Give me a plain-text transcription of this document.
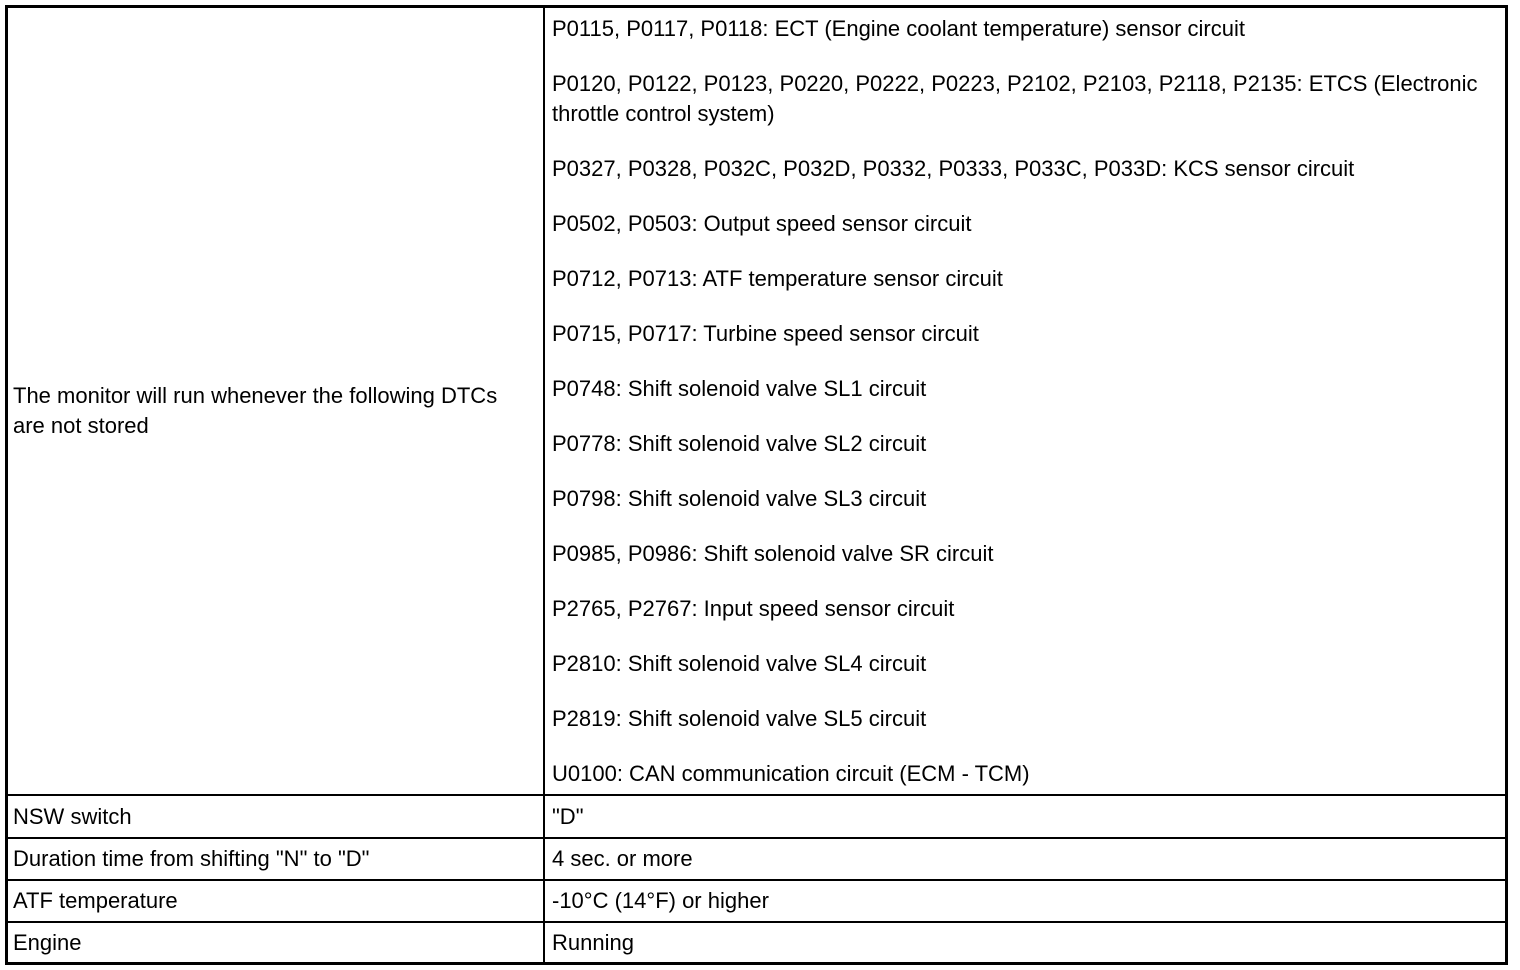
The monitor will run whenever the following DTCs are not stored
P0115, P0117, P0118: ECT (Engine coolant temperature) sensor circuit
P0120, P0122, P0123, P0220, P0222, P0223, P2102, P2103, P2118, P2135: ETCS (Electronic throttle control system)
P0327, P0328, P032C, P032D, P0332, P0333, P033C, P033D: KCS sensor circuit
P0502, P0503: Output speed sensor circuit
P0712, P0713: ATF temperature sensor circuit
P0715, P0717: Turbine speed sensor circuit
P0748: Shift solenoid valve SL1 circuit
P0778: Shift solenoid valve SL2 circuit
P0798: Shift solenoid valve SL3 circuit
P0985, P0986: Shift solenoid valve SR circuit
P2765, P2767: Input speed sensor circuit
P2810: Shift solenoid valve SL4 circuit
P2819: Shift solenoid valve SL5 circuit
U0100: CAN communication circuit (ECM - TCM)
NSW switch	"D"
Duration time from shifting "N" to "D"	4 sec. or more
ATF temperature	-10°C (14°F) or higher
Engine	Running
